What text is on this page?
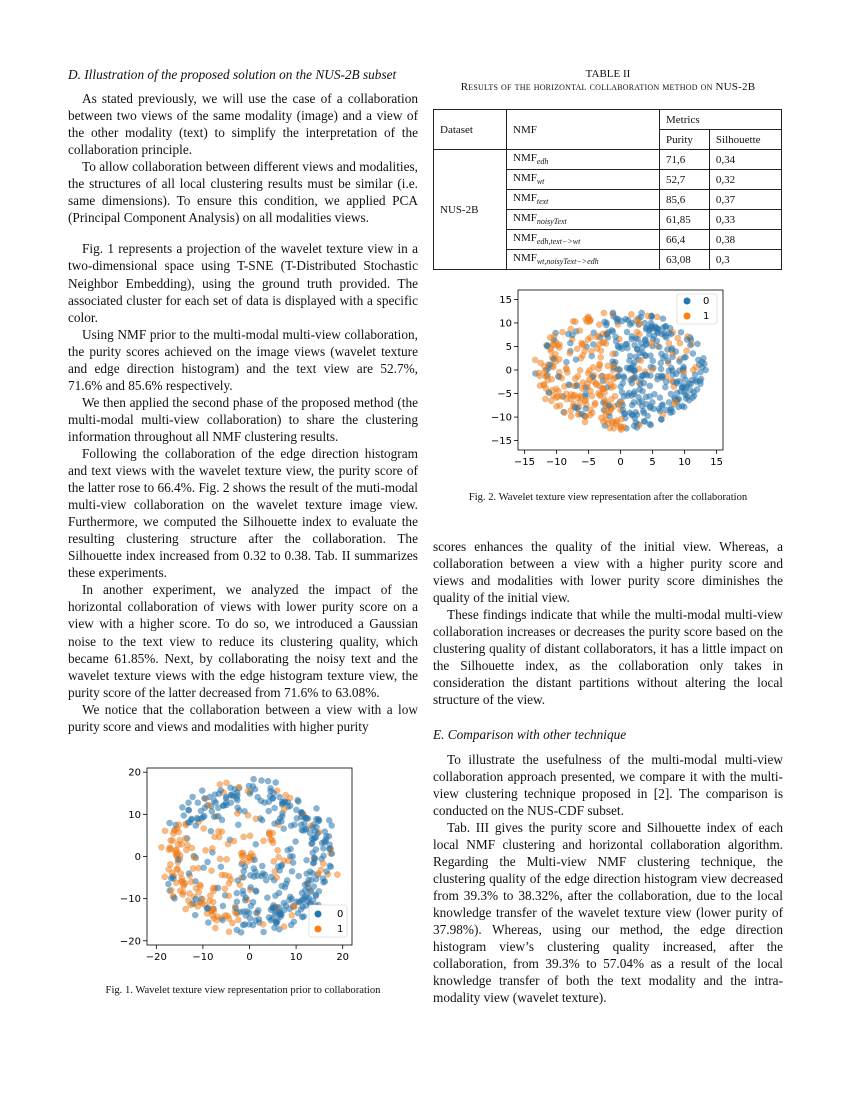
D. Illustration of the proposed solution on the NUS-2B subset

As stated previously, we will use the case of a collaboration between two views of the same modality (image) and a view of the other modality (text) to simplify the interpretation of the collaboration principle.

To allow collaboration between different views and modalities, the structures of all local clustering results must be similar (i.e. same dimensions). To ensure this condition, we applied PCA (Principal Component Analysis) on all modalities views.

Fig. 1 represents a projection of the wavelet texture view in a two-dimensional space using T-SNE (T-Distributed Stochastic Neighbor Embedding), using the ground truth provided. The associated cluster for each set of data is displayed with a specific color.

Using NMF prior to the multi-modal multi-view collaboration, the purity scores achieved on the image views (wavelet texture and edge direction histogram) and the text view are 52.7%, 71.6% and 85.6% respectively.

We then applied the second phase of the proposed method (the multi-modal multi-view collaboration) to share the clustering information throughout all NMF clustering results.

Following the collaboration of the edge direction histogram and text views with the wavelet texture view, the purity score of the latter rose to 66.4%. Fig. 2 shows the result of the muti-modal multi-view collaboration on the wavelet texture image view. Furthermore, we computed the Silhouette index to evaluate the resulting clustering structure after the collaboration. The Silhouette index increased from 0.32 to 0.38. Tab. II summarizes these experiments.

In another experiment, we analyzed the impact of the horizontal collaboration of views with lower purity score on a view with a higher score. To do so, we introduced a Gaussian noise to the text view to reduce its clustering quality, which became 61.85%. Next, by collaborating the noisy text and the wavelet texture views with the edge histogram texture view, the purity score of the latter decreased from 71.6% to 63.08%.

We notice that the collaboration between a view with a low purity score and views and modalities with higher purity

TABLE II
Results of the horizontal collaboration method on NUS-2B
Dataset	NMF	Metrics	
		Purity	Silhouette
NUS-2B	$NMF_{edh}$	71,6	0,34
	$NMF_{wt}$	52,7	0,32
	$NMF_{text}$	85,6	0,37
	$NMF_{noisyText}$	61,85	0,33
	$NMF_{edh,text->wt}$	66,4	0,38
	$NMF_{wt,noisyText->edh}$	63,08	0,3
−15 −10 −5 0	5 10 15
15
10
5
0
−5
−10
−15
0
1
Fig. 2. Wavelet texture view representation after the collaboration
−20	−10	0	10	20
20
10
0
−10
−20
0
1
Fig. 1. Wavelet texture view representation prior to collaboration

scores enhances the quality of the initial view. Whereas, a collaboration between a view with a higher purity score and views and modalities with lower purity score diminishes the quality of the initial view.

These findings indicate that while the multi-modal multi-view collaboration increases or decreases the purity score based on the clustering quality of distant collaborators, it has a little impact on the Silhouette index, as the collaboration only takes in consideration the distant partitions without altering the local structure of the view.

E. Comparison with other technique

To illustrate the usefulness of the multi-modal multi-view collaboration approach presented, we compare it with the multi-view clustering technique proposed in [2]. The comparison is conducted on the NUS-CDF subset.

Tab. III gives the purity score and Silhouette index of each local NMF clustering and horizontal collaboration algorithm. Regarding the Multi-view NMF clustering technique, the clustering quality of the edge direction histogram view decreased from 39.3% to 38.32%, after the collaboration, due to the local knowledge transfer of the wavelet texture view (lower purity of 37.98%). Whereas, using our method, the edge direction histogram view’s clustering quality increased, after the collaboration, from 39.3% to 57.04% as a result of the local knowledge transfer of both the text modality and the intra-modality view (wavelet texture).
